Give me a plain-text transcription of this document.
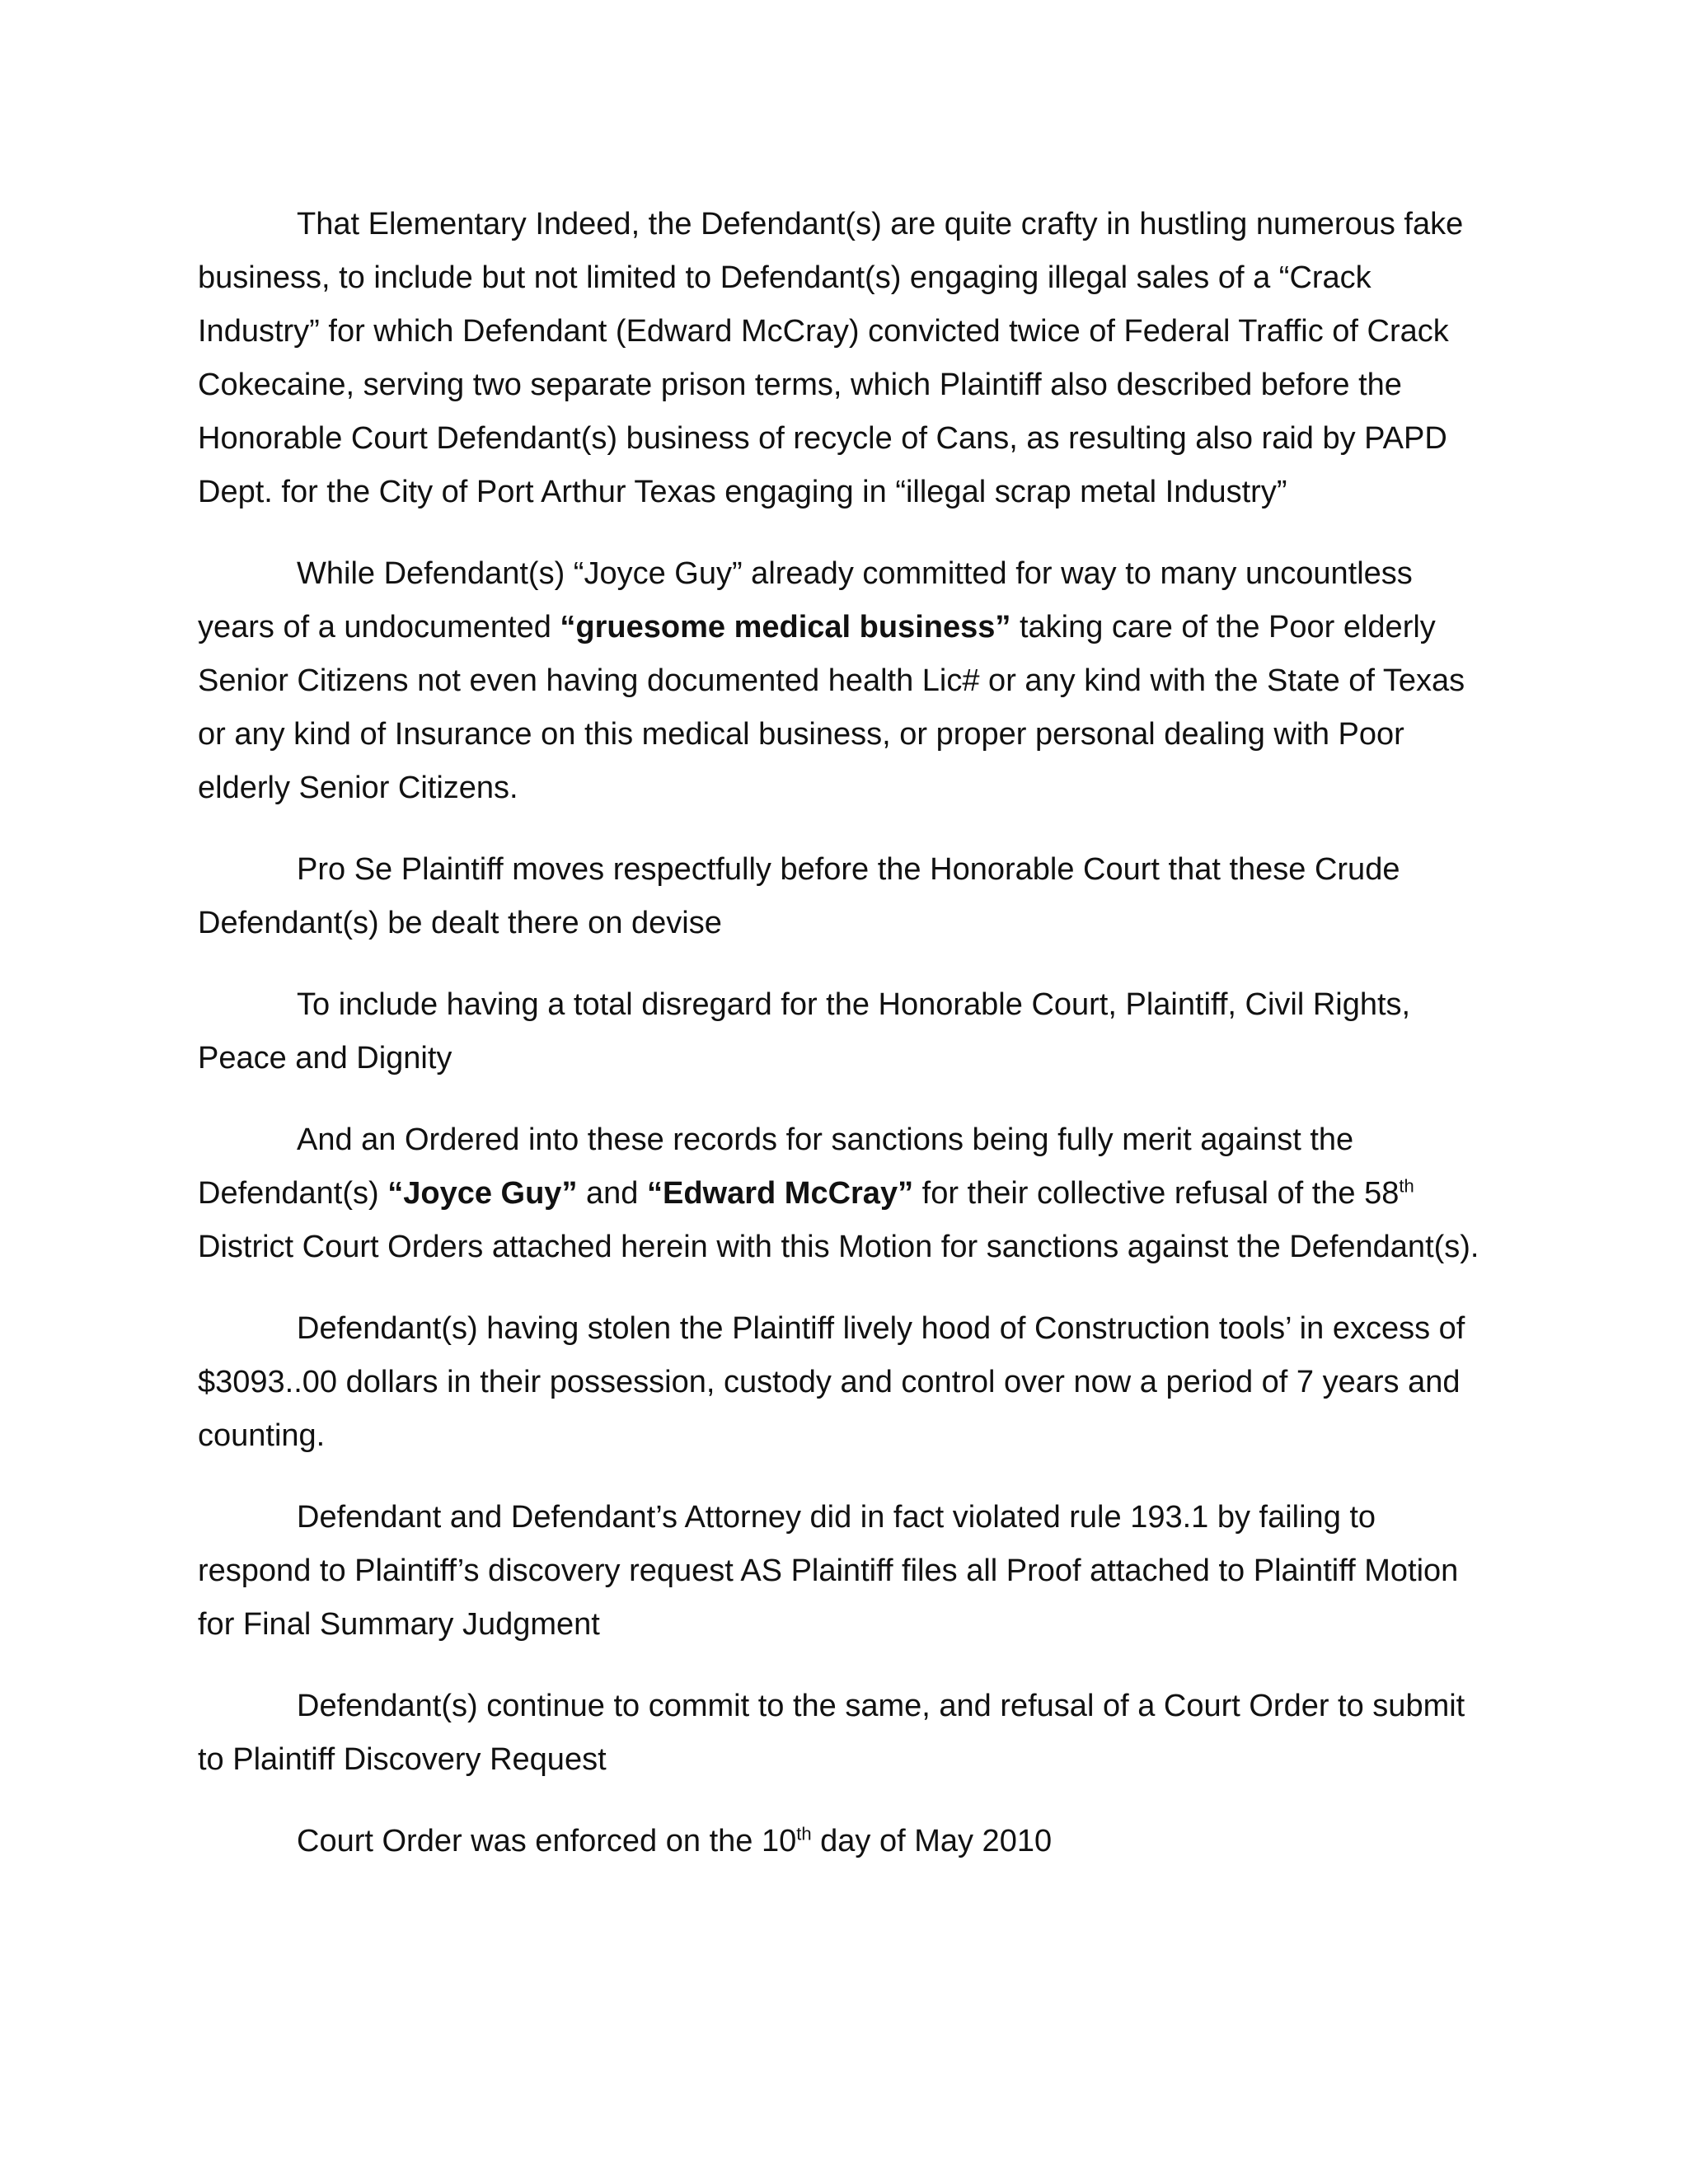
That Elementary Indeed, the Defendant(s) are quite crafty in hustling numerous fake business, to include but not limited to Defendant(s) engaging illegal sales of a “Crack Industry” for which Defendant (Edward McCray) convicted twice of Federal Traffic of Crack Cokecaine, serving two separate prison terms, which Plaintiff also described before the Honorable Court Defendant(s) business of recycle of Cans, as resulting also raid by PAPD Dept. for the City of Port Arthur Texas engaging in “illegal scrap metal Industry”

While Defendant(s) “Joyce Guy” already committed for way to many uncountless years of a undocumented “gruesome medical business” taking care of the Poor elderly Senior Citizens not even having documented health Lic# or any kind with the State of Texas or any kind of Insurance on this medical business, or proper personal dealing with Poor elderly Senior Citizens.

Pro Se Plaintiff moves respectfully before the Honorable Court that these Crude Defendant(s) be dealt there on devise

To include having a total disregard for the Honorable Court, Plaintiff, Civil Rights, Peace and Dignity

And an Ordered into these records for sanctions being fully merit against the Defendant(s) “Joyce Guy” and “Edward McCray” for their collective refusal of the 58th District Court Orders attached herein with this Motion for sanctions against the Defendant(s).

Defendant(s) having stolen the Plaintiff lively hood of Construction tools’ in excess of $3093..00 dollars in their possession, custody and control over now a period of 7 years and counting.

Defendant and Defendant’s Attorney did in fact violated rule 193.1 by failing to respond to Plaintiff’s discovery request AS Plaintiff files all Proof attached to Plaintiff Motion for Final Summary Judgment

Defendant(s) continue to commit to the same, and refusal of a Court Order to submit to Plaintiff Discovery Request

Court Order was enforced on the 10th day of May 2010
